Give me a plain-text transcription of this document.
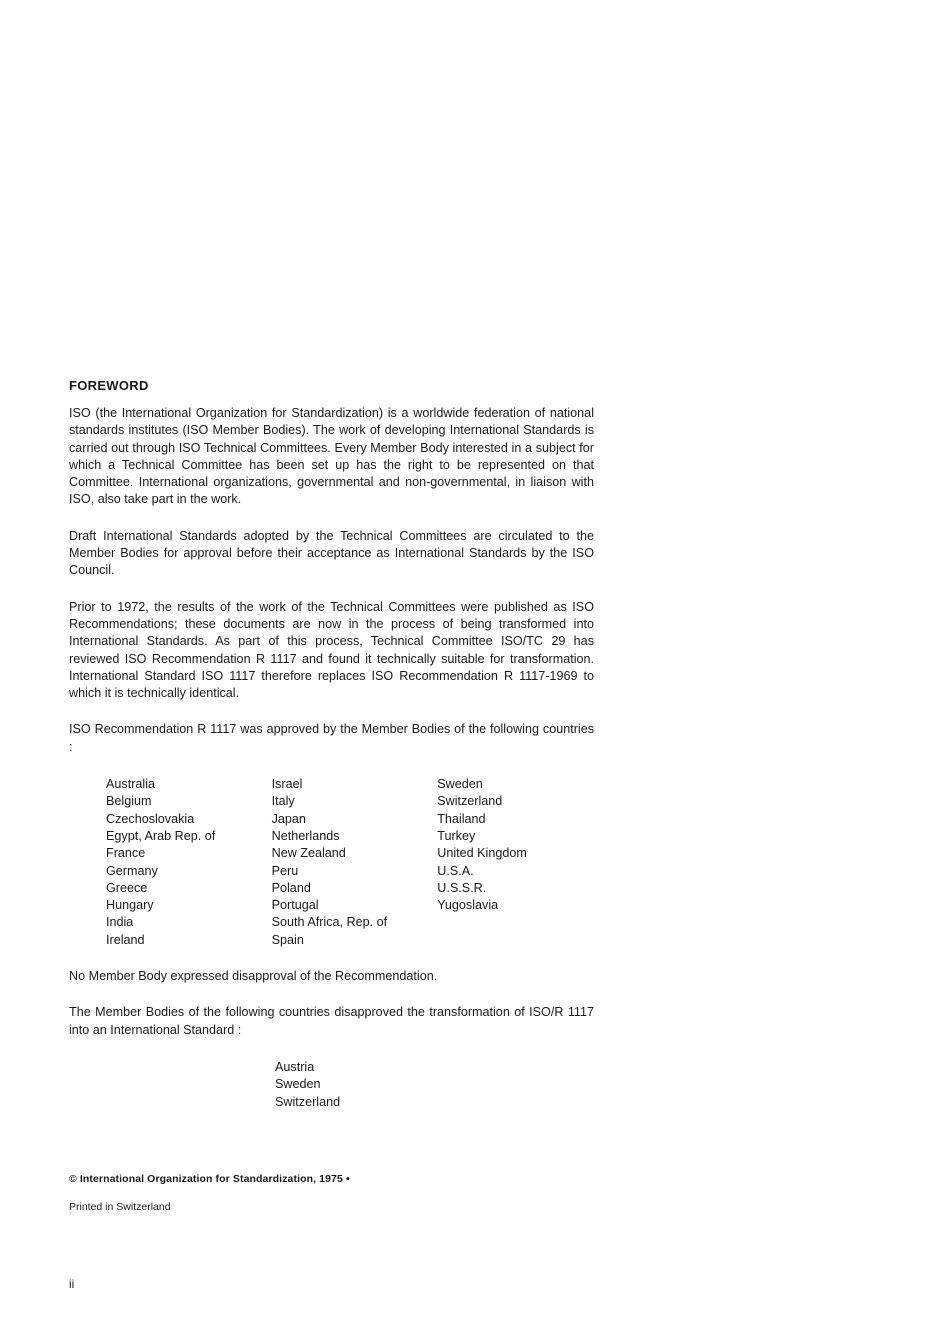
FOREWORD

ISO (the International Organization for Standardization) is a worldwide federation of national standards institutes (ISO Member Bodies). The work of developing International Standards is carried out through ISO Technical Committees. Every Member Body interested in a subject for which a Technical Committee has been set up has the right to be represented on that Committee. International organizations, governmental and non-governmental, in liaison with ISO, also take part in the work.

Draft International Standards adopted by the Technical Committees are circulated to the Member Bodies for approval before their acceptance as International Standards by the ISO Council.

Prior to 1972, the results of the work of the Technical Committees were published as ISO Recommendations; these documents are now in the process of being transformed into International Standards. As part of this process, Technical Committee ISO/TC 29 has reviewed ISO Recommendation R 1117 and found it technically suitable for transformation. International Standard ISO 1117 therefore replaces ISO Recommendation R 1117-1969 to which it is technically identical.

ISO Recommendation R 1117 was approved by the Member Bodies of the following countries :

Australia
Belgium
Czechoslovakia
Egypt, Arab Rep. of
France
Germany
Greece
Hungary
India
Ireland
Israel
Italy
Japan
Netherlands
New Zealand
Peru
Poland
Portugal
South Africa, Rep. of
Spain
Sweden
Switzerland
Thailand
Turkey
United Kingdom
U.S.A.
U.S.S.R.
Yugoslavia

No Member Body expressed disapproval of the Recommendation.

The Member Bodies of the following countries disapproved the transformation of ISO/R 1117 into an International Standard :

Austria
Sweden
Switzerland
© International Organization for Standardization, 1975 •
Printed in Switzerland
ii
